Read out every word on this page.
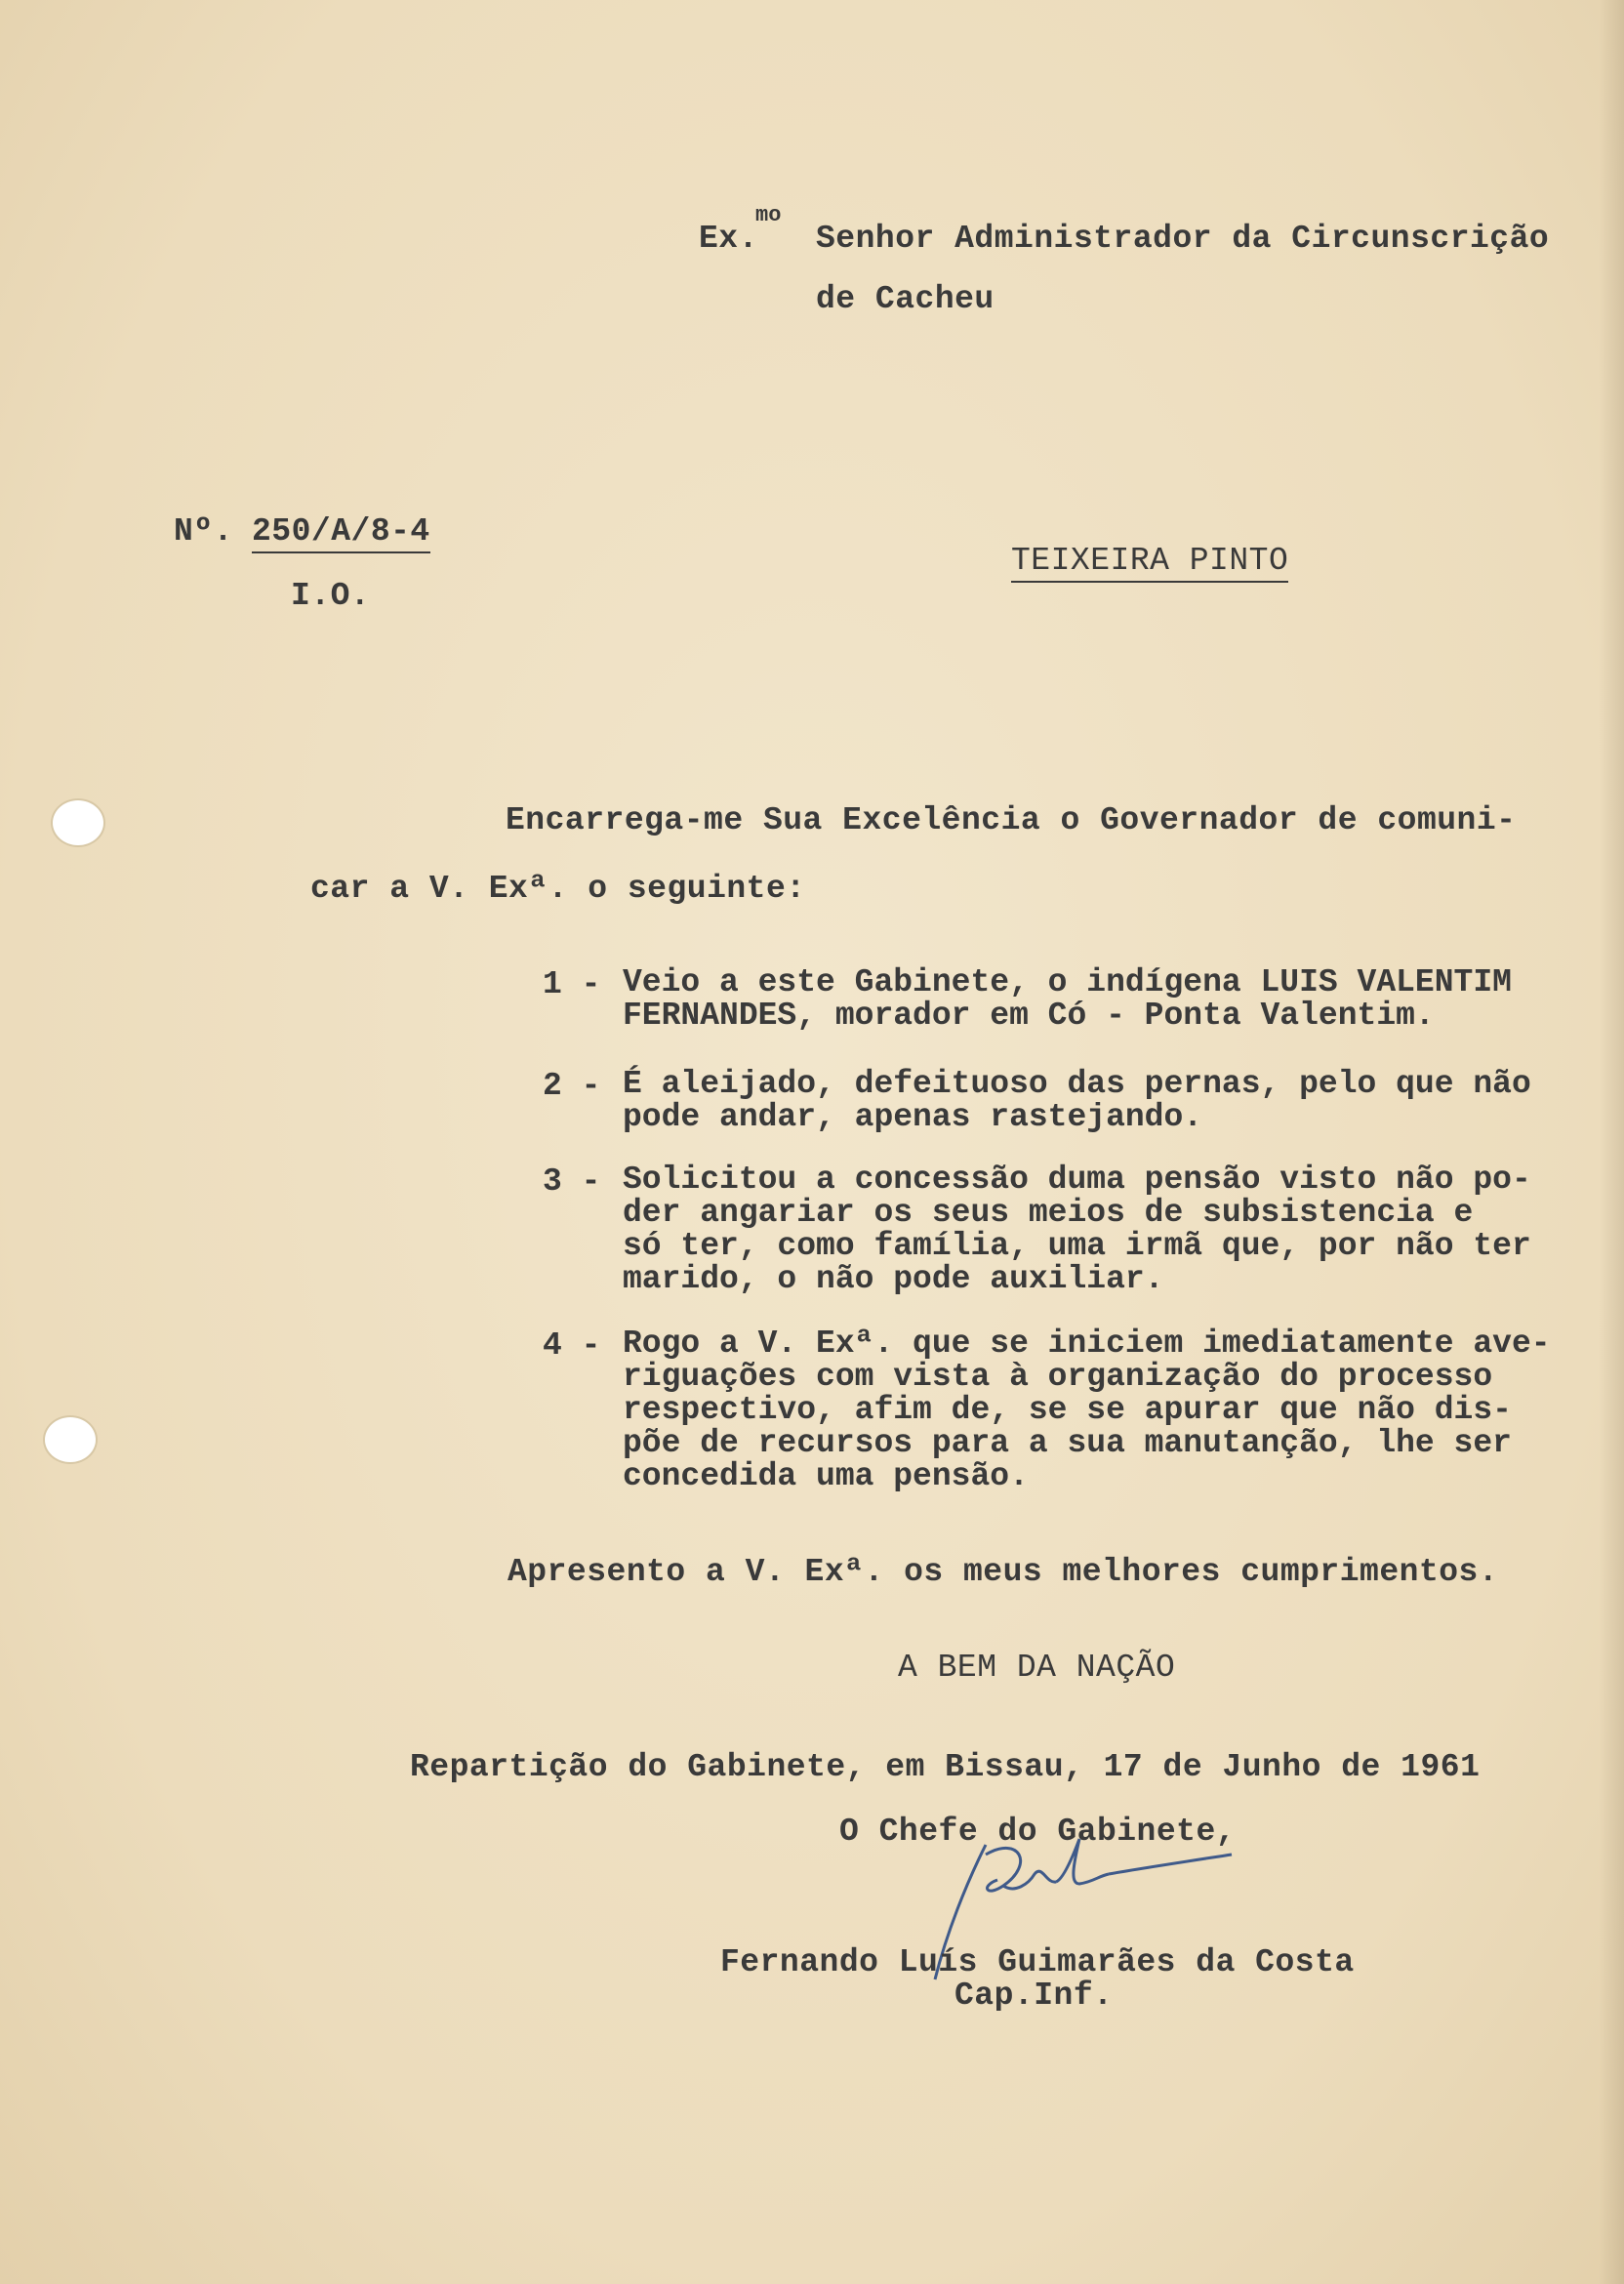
Ex.
mo
Senhor Administrador da Circunscrição
de Cacheu
Nº. 250/A/8-4
I.O.
TEIXEIRA PINTO
Encarrega-me Sua Excelência o Governador de comuni-
car a V. Exª. o seguinte:
1 - Veio a este Gabinete, o indígena LUIS VALENTIM
FERNANDES, morador em Có - Ponta Valentim.
2 - É aleijado, defeituoso das pernas, pelo que não
pode andar, apenas rastejando.
3 - Solicitou a concessão duma pensão visto não po-
der angariar os seus meios de subsistencia e
só ter, como família, uma irmã que, por não ter
marido, o não pode auxiliar.
4 - Rogo a V. Exª. que se iniciem imediatamente ave-
riguações com vista à organização do processo
respectivo, afim de, se se apurar que não dis-
põe de recursos para a sua manutanção, lhe ser
concedida uma pensão.
Apresento a V. Exª. os meus melhores cumprimentos.
A BEM DA NAÇÃO
Repartição do Gabinete, em Bissau, 17 de Junho de 1961
O Chefe do Gabinete,
Fernando Luís Guimarães da Costa
Cap.Inf.
